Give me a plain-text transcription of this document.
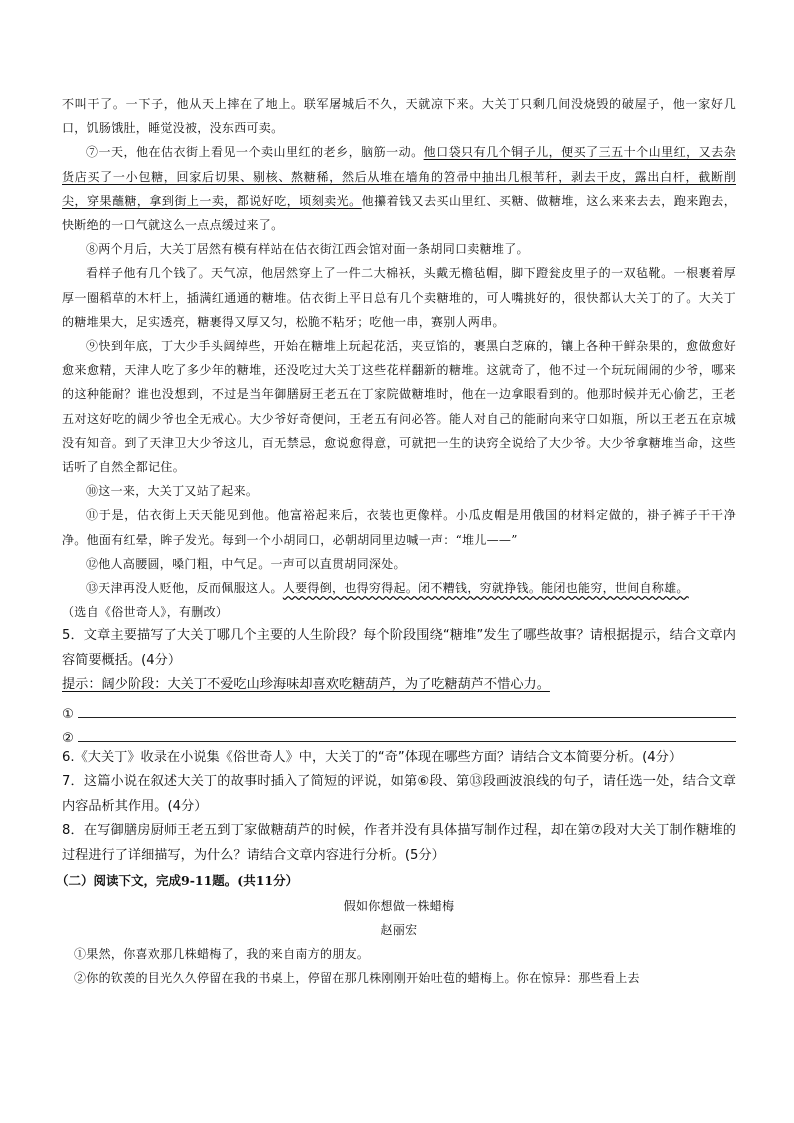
不叫干了。一下子，他从天上摔在了地上。联军屠城后不久，天就凉下来。大关丁只剩几间没烧毁的破屋子，他一家好几口，饥肠饿肚，睡觉没被，没东西可卖。

⑦一天，他在估衣街上看见一个卖山里红的老乡，脑筋一动。他口袋只有几个铜子儿，便买了三五十个山里红，又去杂货店买了一小包糖，回家后切果、剔核、熬糖稀，然后从堆在墙角的笤帚中抽出几根苇秆，剥去干皮，露出白杆，截断削尖，穿果蘸糖，拿到街上一卖，都说好吃，顷刻卖光。他攥着钱又去买山里红、买糖、做糖堆，这么来来去去，跑来跑去，快断绝的一口气就这么一点点缓过来了。

⑧两个月后，大关丁居然有模有样站在估衣街江西会馆对面一条胡同口卖糖堆了。

看样子他有几个钱了。天气凉，他居然穿上了一件二大棉袄，头戴无檐毡帽，脚下蹬瓮皮里子的一双毡靴。一根裹着厚厚一圈稻草的木杆上，插满红通通的糖堆。估衣街上平日总有几个卖糖堆的，可人嘴挑好的，很快都认大关丁的了。大关丁的糖堆果大，足实透亮，糖裹得又厚又匀，松脆不粘牙；吃他一串，赛别人两串。

⑨快到年底，丁大少手头阔绰些，开始在糖堆上玩起花活，夹豆馅的，裹黑白芝麻的，镶上各种干鲜杂果的，愈做愈好愈来愈精，天津人吃了多少年的糖堆，还没吃过大关丁这些花样翻新的糖堆。这就奇了，他不过一个玩玩闹闹的少爷，哪来的这种能耐？谁也没想到，不过是当年御膳厨王老五在丁家院做糖堆时，他在一边拿眼看到的。他那时候并无心偷艺，王老五对这好吃的阔少爷也全无戒心。大少爷好奇便问，王老五有问必答。能人对自己的能耐向来守口如瓶，所以王老五在京城没有知音。到了天津卫大少爷这儿，百无禁忌，愈说愈得意，可就把一生的诀窍全说给了大少爷。大少爷拿糖堆当命，这些话听了自然全都记住。

⑩这一来，大关丁又站了起来。

⑪于是，估衣街上天天能见到他。他富裕起来后，衣装也更像样。小瓜皮帽是用俄国的材料定做的，褂子裤子干干净净。他面有红晕，眸子发光。每到一个小胡同口，必朝胡同里边喊一声：“堆儿——”

⑫他人高腰圆，嗓门粗，中气足。一声可以直贯胡同深处。

⑬天津再没人贬他，反而佩服这人。人要得倒，也得穷得起。闭不糟钱，穷就挣钱。能闭也能穷，世间自称雄。

（选自《俗世奇人》，有删改）

5．文章主要描写了大关丁哪几个主要的人生阶段？每个阶段围绕“糖堆”发生了哪些故事？请根据提示，结合文章内容简要概括。(4分）

提示：阔少阶段：大关丁不爱吃山珍海味却喜欢吃糖葫芦，为了吃糖葫芦不惜心力。

①
②

6.《大关丁》收录在小说集《俗世奇人》中，大关丁的“奇”体现在哪些方面？请结合文本简要分析。(4分）

7．这篇小说在叙述大关丁的故事时插入了简短的评说，如第⑥段、第⑬段画波浪线的句子，请任选一处，结合文章内容品析其作用。(4分）

8．在写御膳房厨师王老五到丁家做糖葫芦的时候，作者并没有具体描写制作过程，却在第⑦段对大关丁制作糖堆的过程进行了详细描写，为什么？请结合文章内容进行分析。(5分）

（二）阅读下文，完成9-11题。(共11分）

假如你想做一株蜡梅

赵丽宏

①果然，你喜欢那几株蜡梅了，我的来自南方的朋友。

②你的钦羡的目光久久停留在我的书桌上，停留在那几株刚刚开始吐苞的蜡梅上。你在惊异：那些看上去
